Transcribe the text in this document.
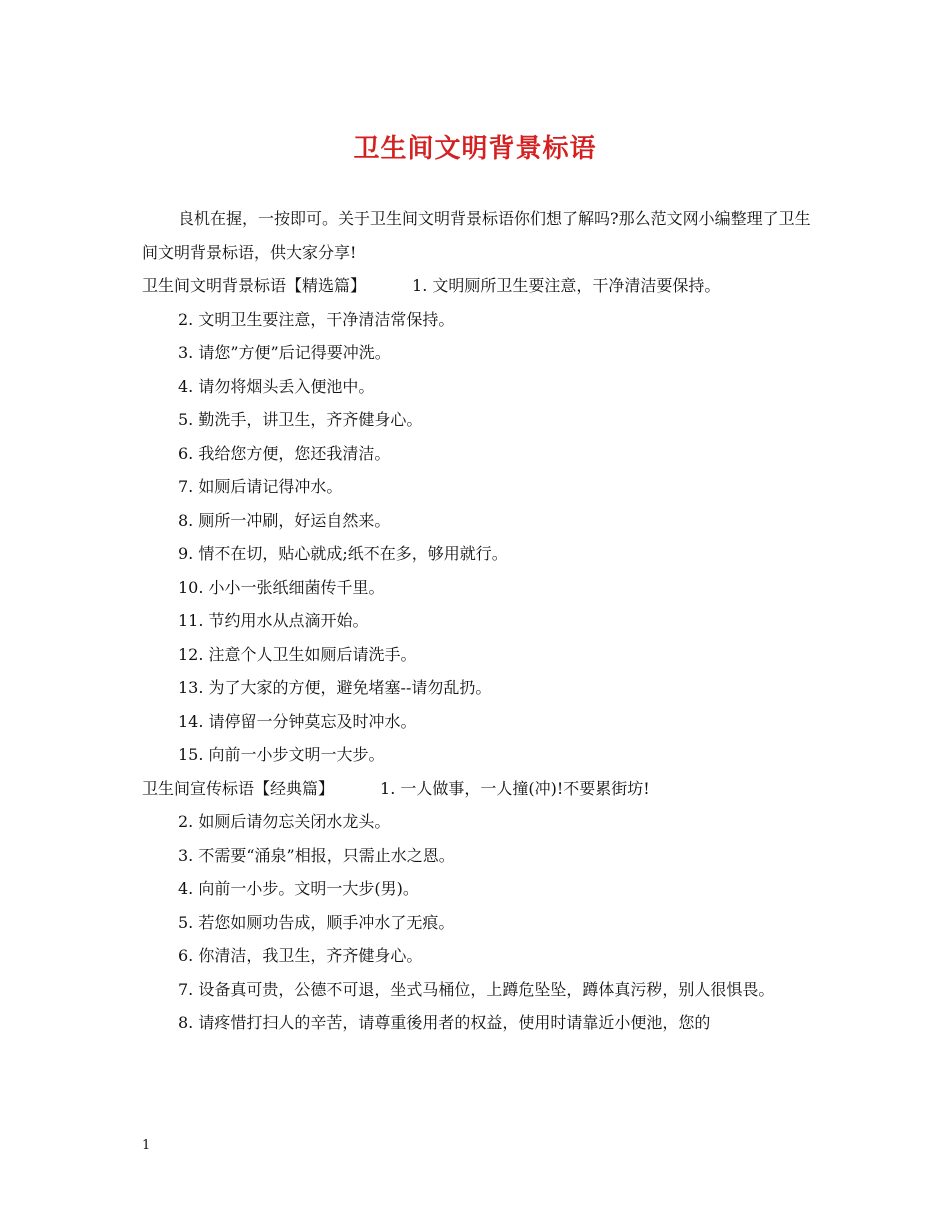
卫生间文明背景标语

良机在握，一按即可。关于卫生间文明背景标语你们想了解吗?那么范文网小编整理了卫生间文明背景标语，供大家分享!

卫生间文明背景标语【精选篇】	1. 文明厕所卫生要注意，干净清洁要保持。

2. 文明卫生要注意，干净清洁常保持。

3. 请您”方便”后记得要冲洗。

4. 请勿将烟头丢入便池中。

5. 勤洗手，讲卫生，齐齐健身心。

6. 我给您方便，您还我清洁。

7. 如厕后请记得冲水。

8. 厕所一冲刷，好运自然来。

9. 情不在切，贴心就成;纸不在多，够用就行。

10. 小小一张纸细菌传千里。

11. 节约用水从点滴开始。

12. 注意个人卫生如厕后请洗手。

13. 为了大家的方便，避免堵塞--请勿乱扔。

14. 请停留一分钟莫忘及时冲水。

15. 向前一小步文明一大步。

卫生间宣传标语【经典篇】	1. 一人做事，一人撞(冲)!不要累街坊!

2. 如厕后请勿忘关闭水龙头。

3. 不需要“涌泉”相报，只需止水之恩。

4. 向前一小步。文明一大步(男)。

5. 若您如厕功告成，顺手冲水了无痕。

6. 你清洁，我卫生，齐齐健身心。

7. 设备真可贵，公德不可退，坐式马桶位，上蹲危坠坠，蹲体真污秽，别人很惧畏。

8. 请疼惜打扫人的辛苦，请尊重後用者的权益，使用时请靠近小便池，您的

1
